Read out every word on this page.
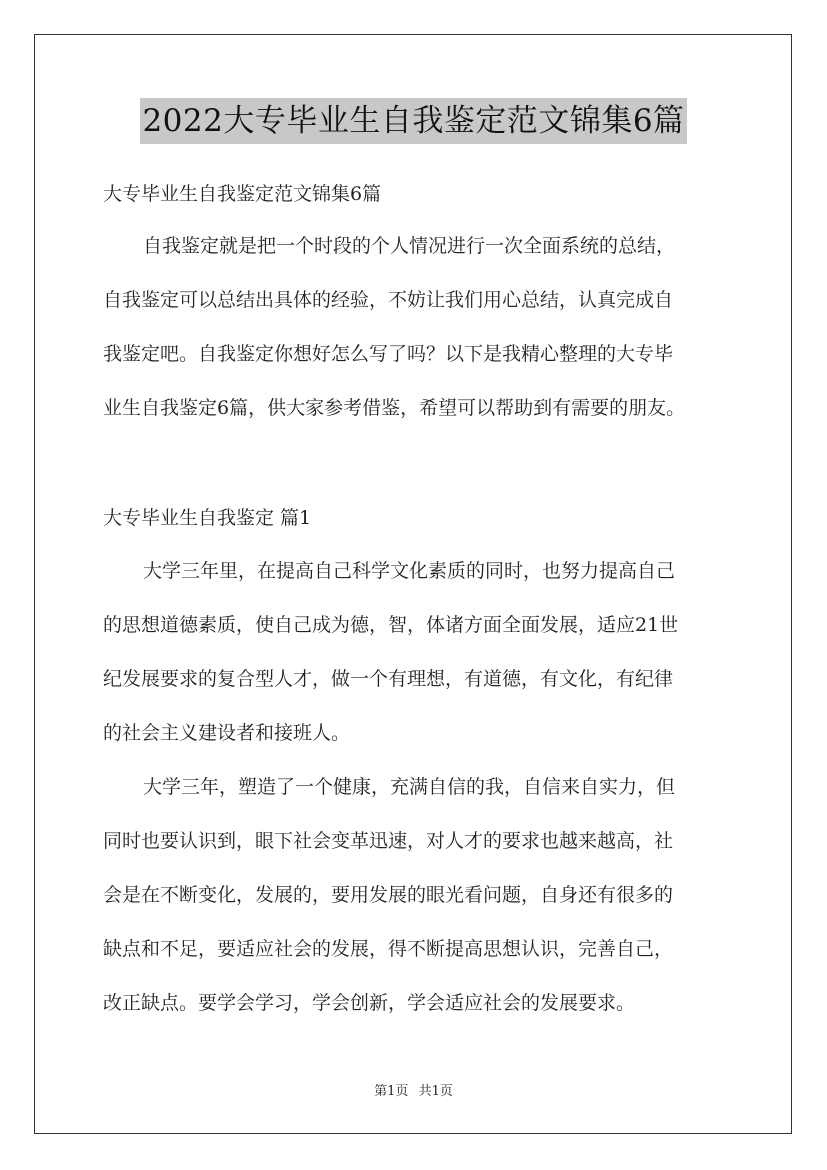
2022大专毕业生自我鉴定范文锦集6篇
大专毕业生自我鉴定范文锦集6篇
自我鉴定就是把一个时段的个人情况进行一次全面系统的总结，
自我鉴定可以总结出具体的经验，不妨让我们用心总结，认真完成自
我鉴定吧。自我鉴定你想好怎么写了吗？以下是我精心整理的大专毕
业生自我鉴定6篇，供大家参考借鉴，希望可以帮助到有需要的朋友。
大专毕业生自我鉴定 篇1
大学三年里，在提高自己科学文化素质的同时，也努力提高自己
的思想道德素质，使自己成为德，智，体诸方面全面发展，适应21世
纪发展要求的复合型人才，做一个有理想，有道德，有文化，有纪律
的社会主义建设者和接班人。
大学三年，塑造了一个健康，充满自信的我，自信来自实力，但
同时也要认识到，眼下社会变革迅速，对人才的要求也越来越高，社
会是在不断变化，发展的，要用发展的眼光看问题，自身还有很多的
缺点和不足，要适应社会的发展，得不断提高思想认识，完善自己，
改正缺点。要学会学习，学会创新，学会适应社会的发展要求。
第1页 共1页
